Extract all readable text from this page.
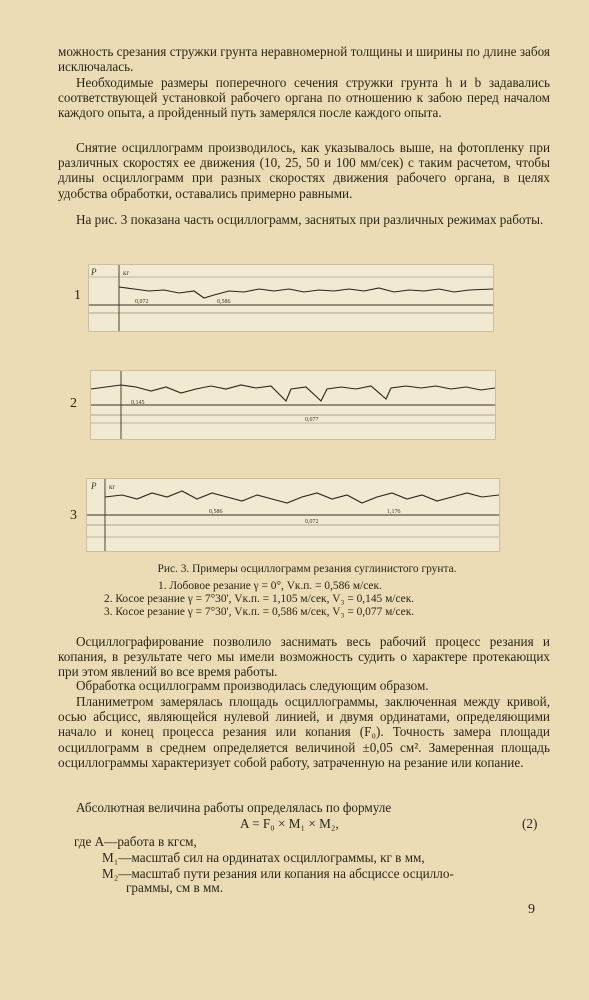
можность срезания стружки грунта неравномерной толщины и ширины по длине забоя исключалась.

Необходимые размеры поперечного сечения стружки грунта h и b задавались соответствующей установкой рабочего органа по отношению к забою перед началом каждого опыта, а пройденный путь замерялся после каждого опыта.

Снятие осциллограмм производилось, как указывалось выше, на фотопленку при различных скоростях ее движения (10, 25, 50 и 100 мм/сек) с таким расчетом, чтобы длины осциллограмм при разных скоростях движения рабочего органа, в целях удобства обработки, оставались примерно равными.

На рис. 3 показана часть осциллограмм, заснятых при различных режимах работы.

1
P	кг
0,072	0,586
2	0,145
0,077
3
P кг
0,586
0,072
1,176

Рис. 3. Примеры осциллограмм резания суглинистого грунта.

1. Лобовое резание γ = 0°, Vк.п. = 0,586 м/сек.
2. Косое резание γ = 7°30', Vк.п. = 1,105 м/сек, V₃ = 0,145 м/сек.
3. Косое резание γ = 7°30', Vк.п. = 0,586 м/сек, V₃ = 0,077 м/сек.

Осциллографирование позволило заснимать весь рабочий процесс резания и копания, в результате чего мы имели возможность судить о характере протекающих при этом явлений во все время работы.

Обработка осциллограмм производилась следующим образом.

Планиметром замерялась площадь осциллограммы, заключенная между кривой, осью абсцисс, являющейся нулевой линией, и двумя ординатами, определяющими начало и конец процесса резания или копания (F₀). Точность замера площади осциллограмм в среднем определяется величиной ±0,05 см². Замеренная площадь осциллограммы характеризует собой работу, затраченную на резание или копание.

Абсолютная величина работы определялась по формуле

A = F₀ × M₁ × M₂,	(2)
где A—работа в кгсм,
M₁—масштаб сил на ординатах осциллограммы, кг в мм,
M₂—масштаб пути резания или копания на абсциссе осцилло-
граммы, см в мм.
9
